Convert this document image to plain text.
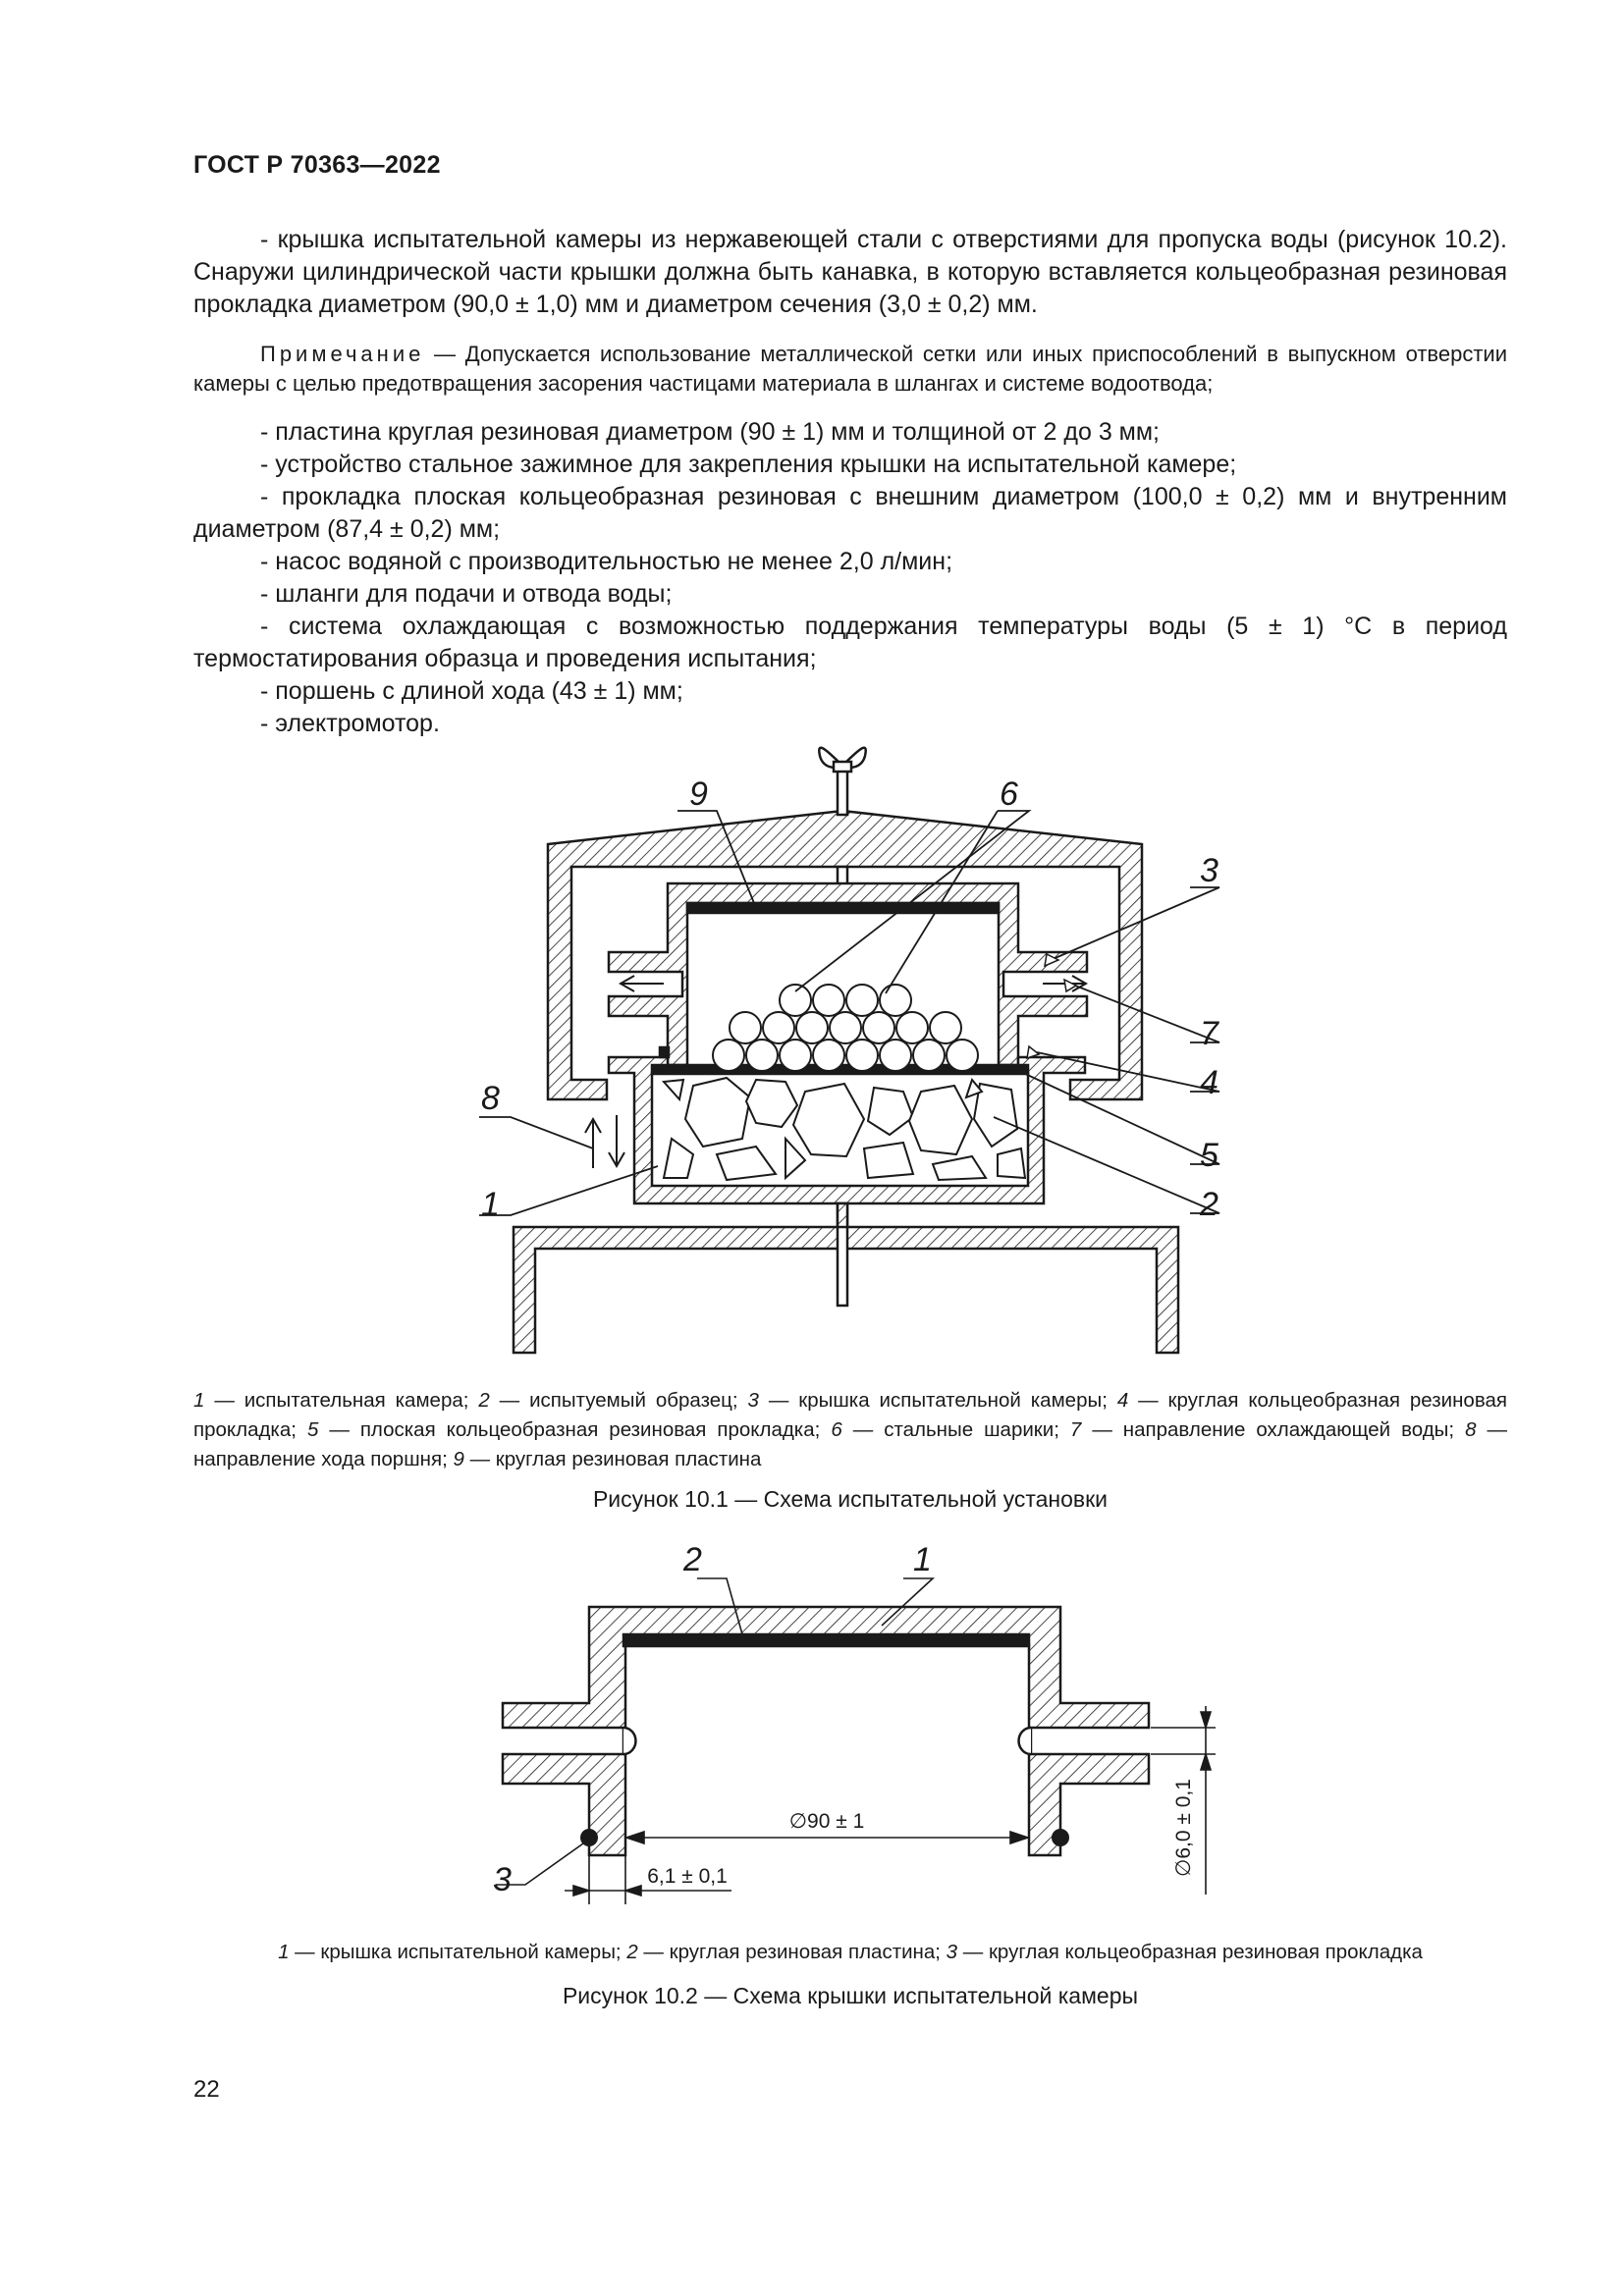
ГОСТ Р 70363—2022

- крышка испытательной камеры из нержавеющей стали с отверстиями для пропуска воды (рисунок 10.2). Снаружи цилиндрической части крышки должна быть канавка, в которую вставляется кольцеобразная резиновая прокладка диаметром (90,0 ± 1,0) мм и диаметром сечения (3,0 ± 0,2) мм.

Примечание — Допускается использование металлической сетки или иных приспособлений в выпускном отверстии камеры с целью предотвращения засорения частицами материала в шлангах и системе водоотвода;

- пластина круглая резиновая диаметром (90 ± 1) мм и толщиной от 2 до 3 мм;

- устройство стальное зажимное для закрепления крышки на испытательной камере;

- прокладка плоская кольцеобразная резиновая с внешним диаметром (100,0 ± 0,2) мм и внутренним диаметром (87,4 ± 0,2) мм;

- насос водяной с производительностью не менее 2,0 л/мин;

- шланги для подачи и отвода воды;

- система охлаждающая с возможностью поддержания температуры воды (5 ± 1) °С в период термостатирования образца и проведения испытания;

- поршень с длиной хода (43 ± 1) мм;

- электромотор.

9	6
3
7
4
5
2
8
1
1 — испытательная камера; 2 — испытуемый образец; 3 — крышка испытательной камеры; 4 — круглая кольцеобразная резиновая прокладка; 5 — плоская кольцеобразная резиновая прокладка; 6 — стальные шарики; 7 — направление охлаждающей воды; 8 — направление хода поршня; 9 — круглая резиновая пластина
Рисунок 10.1 — Схема испытательной установки
2	1
3
∅90 ± 1
6,1 ± 0,1	∅6,0 ± 0,1
1 — крышка испытательной камеры; 2 — круглая резиновая пластина; 3 — круглая кольцеобразная резиновая прокладка
Рисунок 10.2 — Схема крышки испытательной камеры
22
